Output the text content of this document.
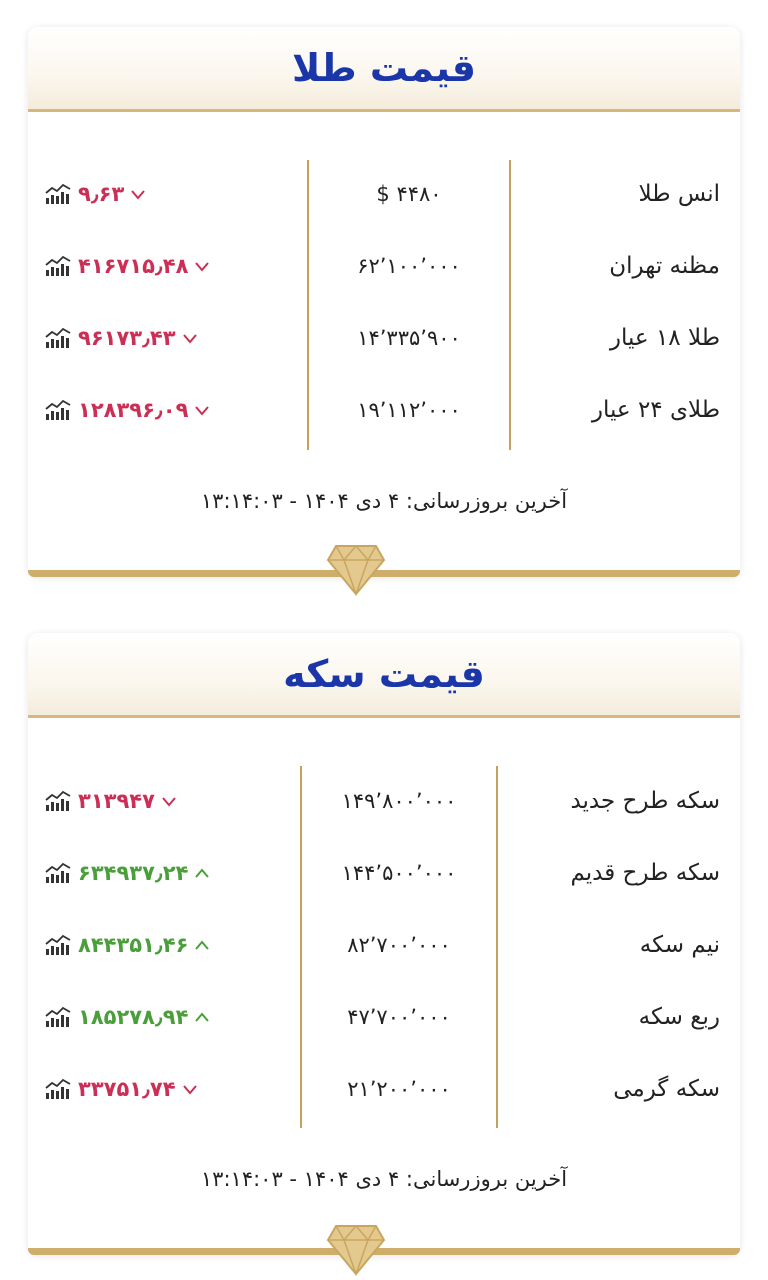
قیمت طلا
۹٫۶۳	$ ۴۴۸۰	انس طلا
۴۱۶۷۱۵٫۴۸	۶۲٬۱۰۰٬۰۰۰	مظنه تهران
۹۶۱۷۳٫۴۳	۱۴٬۳۳۵٬۹۰۰	طلا ۱۸ عیار
۱۲۸۳۹۶٫۰۹	۱۹٬۱۱۲٬۰۰۰	طلای ۲۴ عیار
آخرین بروزرسانی: ۴ دی ۱۴۰۴ - ۱۳:۱۴:۰۳
قیمت سکه
۳۱۳۹۴۷	۱۴۹٬۸۰۰٬۰۰۰	سکه طرح جدید
۶۳۴۹۳۷٫۲۴	۱۴۴٬۵۰۰٬۰۰۰	سکه طرح قدیم
۸۴۴۳۵۱٫۴۶	۸۲٬۷۰۰٬۰۰۰	نیم سکه
۱۸۵۲۷۸٫۹۴	۴۷٬۷۰۰٬۰۰۰	ربع سکه
۳۳۷۵۱٫۷۴	۲۱٬۲۰۰٬۰۰۰	سکه گرمی
آخرین بروزرسانی: ۴ دی ۱۴۰۴ - ۱۳:۱۴:۰۳
